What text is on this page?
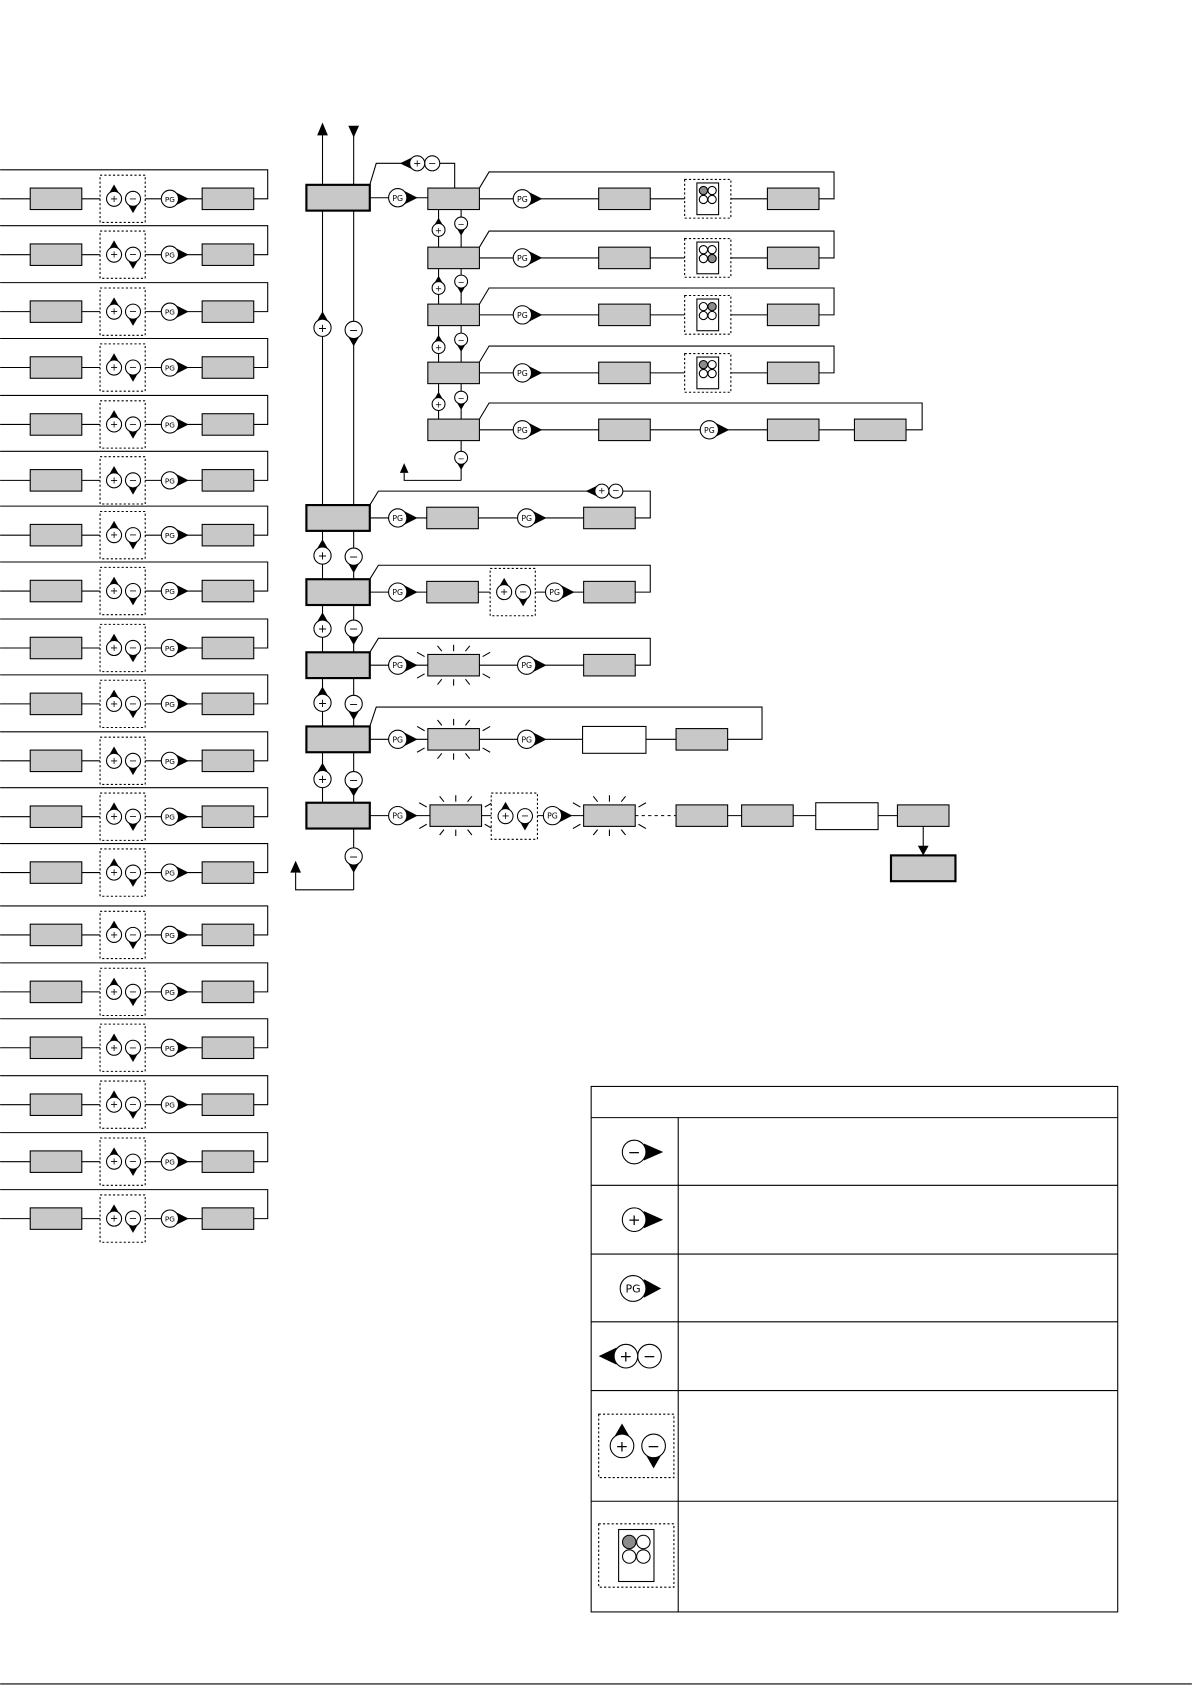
+ −	PG
+ −	PG
+ −	PG
+ −	PG
+ −	PG
+ −	PG
+ −	PG
+ −	PG
+ −	PG
+ −	PG
+ −	PG
+ −	PG
+ −	PG
+ −	PG
+ −	PG
+ −	PG
+ −	PG
+ −	PG
+ −	PG
+ −
PG
PG	PG
+ −
PG	+ −	PG
PG	PG
PG	PG
PG	+ −	PG
+
+
+
+
+
−
−
−
−
−
−
PG
PG
PG
PG
PG	PG
+
+
+
+
−
−
−
−
−
−
+
PG
+ −
+ −
